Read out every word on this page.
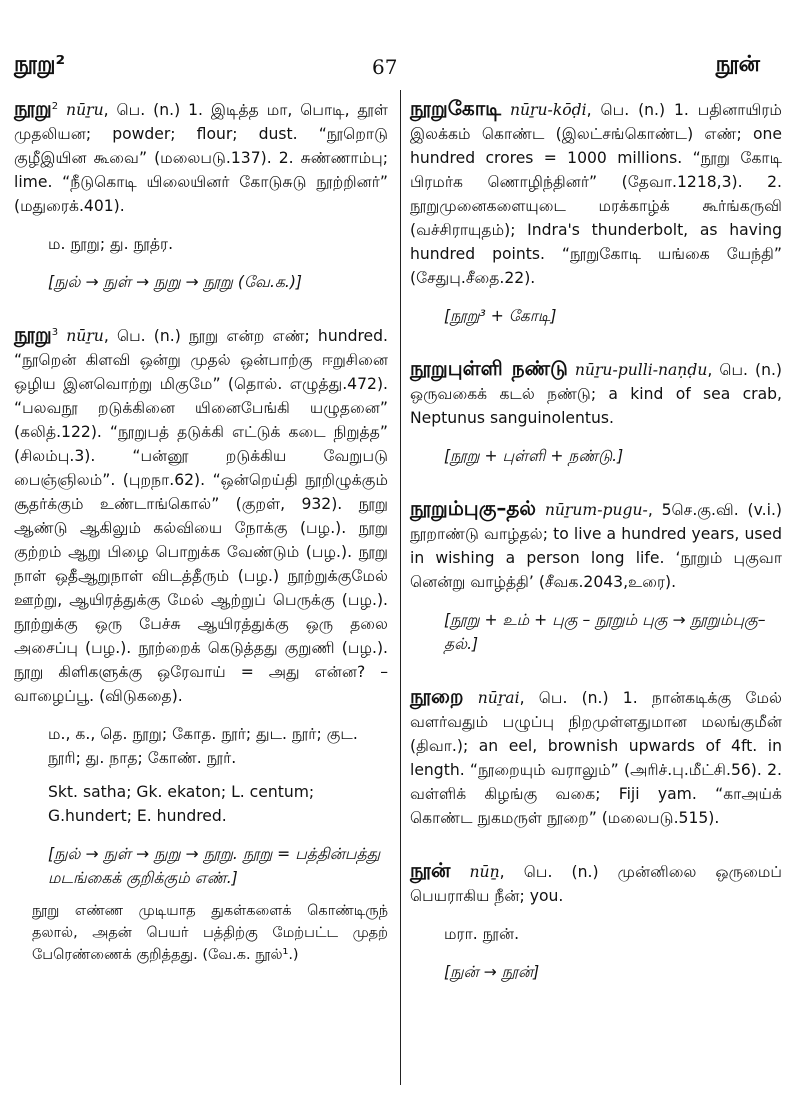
நூறு²	67	நூன்

நூறு$^2$ nūṟu, பெ. (n.) 1. இடித்த மா, பொடி, தூள் முதலியன; powder; flour; dust. “நூறொடு குழீஇயின கூவை” (மலைபடு.137). 2. சுண்ணாம்பு; lime. “நீடுகொடி யிலையினர் கோடுசுடு நூற்றினர்” (மதுரைக்.401).

ம. நூறு; து. நூத்ர.

[நுல் → நுள் → நுறு → நூறு (வே.க.)]

நூறு$^3$ nūṟu, பெ. (n.) நூறு என்ற எண்; hundred. “நூறென் கிளவி ஒன்று முதல் ஒன்பாற்கு ஈறுசினை ஒழிய இனவொற்று மிகுமே” (தொல். எழுத்து.472). “பலவநூ றடுக்கினை யினைபேங்கி யழுதனை” (கலித்.122). “நூறுபத் தடுக்கி எட்டுக் கடை நிறுத்த” (சிலம்பு.3). “பன்னூ றடுக்கிய வேறுபடு பைஞ்ஞிலம்”. (புறநா.62). “ஒன்றெய்தி நூறிழுக்கும் சூதர்க்கும் உண்டாங்கொல்” (குறள், 932). நூறு ஆண்டு ஆகிலும் கல்வியை நோக்கு (பழ.). நூறு குற்றம் ஆறு பிழை பொறுக்க வேண்டும் (பழ.). நூறு நாள் ஒதீஆறுநாள் விடத்தீரும் (பழ.) நூற்றுக்குமேல் ஊற்று, ஆயிரத்துக்கு மேல் ஆற்றுப் பெருக்கு (பழ.). நூற்றுக்கு ஒரு பேச்சு ஆயிரத்துக்கு ஒரு தலை அசைப்பு (பழ.). நூற்றைக் கெடுத்தது குறுணி (பழ.). நூறு கிளிகளுக்கு ஒரேவாய் = அது என்ன? – வாழைப்பூ. (விடுகதை).

ம., க., தெ. நூறு; கோத. நூர்; துட. நூர்; குட. நூரி; து. நாத; கோண். நூர்.

Skt. satha; Gk. ekaton; L. centum; G.hundert; E. hundred.

[நுல் → நுள் → நுறு → நூறு. நூறு = பத்தின்பத்து மடங்கைக் குறிக்கும் எண்.]

நூறு எண்ண முடியாத துகள்களைக் கொண்டிருந் தலால், அதன் பெயர் பத்திற்கு மேற்பட்ட முதற் பேரெண்ணைக் குறித்தது. (வே.க. நூல்¹.)

நூறுகோடி nūṟu-kōḍi, பெ. (n.) 1. பதினாயிரம் இலக்கம் கொண்ட (இலட்சங்கொண்ட) எண்; one hundred crores = 1000 millions. “நூறு கோடி பிரமர்க ணொழிந்தினர்” (தேவா.1218,3). 2. நூறுமுனைகளையுடை மரக்காழ்க் கூர்ங்கருவி (வச்சிராயுதம்); Indra's thunderbolt, as having hundred points. “நூறுகோடி யங்கை யேந்தி” (சேதுபு.சீதை.22).

[நூறு³ + கோடி]

நூறுபுள்ளி நண்டு nūṟu-pulli-naṇḍu, பெ. (n.) ஒருவகைக் கடல் நண்டு; a kind of sea crab, Neptunus sanguinolentus.

[நூறு + புள்ளி + நண்டு.]

நூறும்புகு–தல் nūṟum-pugu-, 5செ.கு.வி. (v.i.) நூறாண்டு வாழ்தல்; to live a hundred years, used in wishing a person long life. ‘நூறும் புகுவா னென்று வாழ்த்தி’ (சீவக.2043,உரை).

[நூறு + உம் + புகு – நூறும் புகு → நூறும்புகு–தல்.]

நூறை nūṟai, பெ. (n.) 1. நான்கடிக்கு மேல் வளர்வதும் பழுப்பு நிறமுள்ளதுமான மலங்குமீன் (திவா.); an eel, brownish upwards of 4ft. in length. “நூறையும் வராலும்” (அரிச்.பு.மீட்சி.56). 2. வள்ளிக் கிழங்கு வகை; Fiji yam. “காஅய்க் கொண்ட நுகமருள் நூறை” (மலைபடு.515).

நூன் nūṉ, பெ. (n.) முன்னிலை ஒருமைப் பெயராகிய நீன்; you.

மரா. நூன்.

[நுன் → நூன்]
